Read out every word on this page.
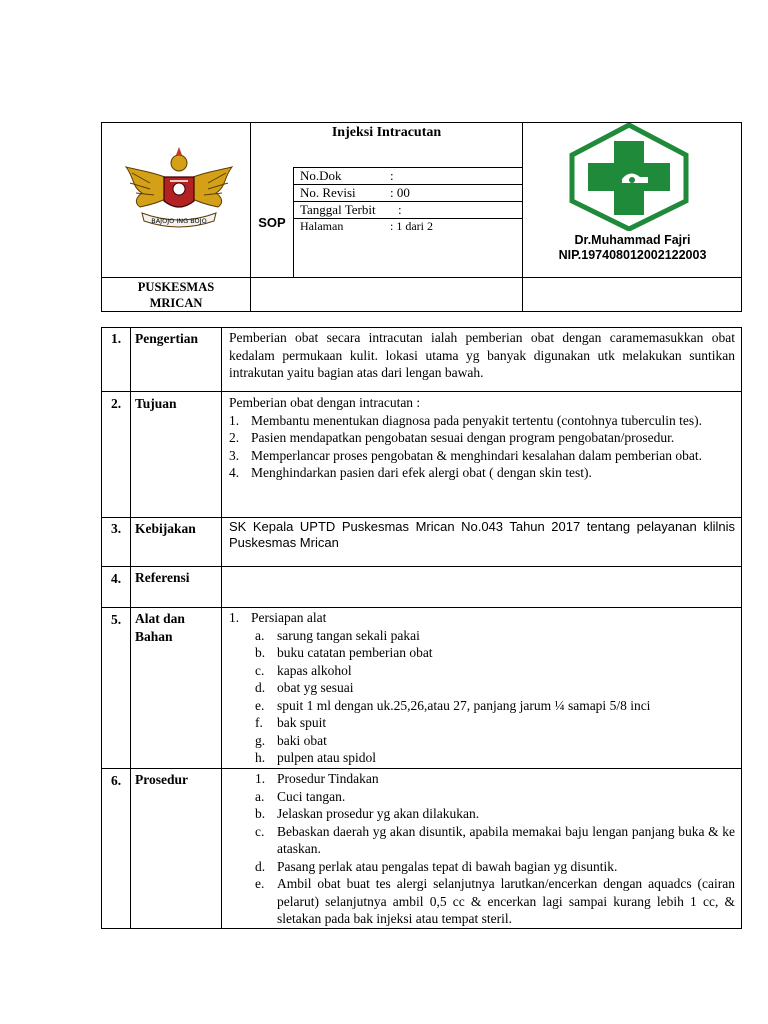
BAJOJO ING BOJO
Injeksi Intracutan
SOP
No.Dok	:
No. Revisi	: 00
Tanggal Terbit :
Halaman	: 1 dari 2
Dr.Muhammad Fajri
NIP.197408012002122003
PUSKESMAS
MRICAN
1.	Pengertian Pemberian obat secara intracutan ialah pemberian obat dengan caramemasukkan obat kedalam permukaan kulit. lokasi utama yg banyak digunakan utk melakukan suntikan intrakutan yaitu bagian atas dari lengan bawah.
2.	Tujuan	Pemberian obat dengan intracutan :
1. Membantu menentukan diagnosa pada penyakit tertentu (contohnya tuberculin tes).
2. Pasien mendapatkan pengobatan sesuai dengan program pengobatan/prosedur.
3. Memperlancar proses pengobatan & menghindari kesalahan dalam pemberian obat.
4. Menghindarkan pasien dari efek alergi obat ( dengan skin test).
3.	Kebijakan	SK Kepala UPTD Puskesmas Mrican No.043 Tahun 2017 tentang pelayanan klilnis Puskesmas Mrican
4.	Referensi
5.	Alat dan
Bahan
1. Persiapan alat
a. sarung tangan sekali pakai
b. buku catatan pemberian obat
c. kapas alkohol
d. obat yg sesuai
e. spuit 1 ml dengan uk.25,26,atau 27, panjang jarum ¼ samapi 5/8 inci
f. bak spuit
g. baki obat
h. pulpen atau spidol
6.	Prosedur	1. Prosedur Tindakan
a. Cuci tangan.
b. Jelaskan prosedur yg akan dilakukan.
c. Bebaskan daerah yg akan disuntik, apabila memakai baju lengan panjang buka & ke ataskan.
d. Pasang perlak atau pengalas tepat di bawah bagian yg disuntik.
e. Ambil obat buat tes alergi selanjutnya larutkan/encerkan dengan aquadcs (cairan pelarut) selanjutnya ambil 0,5 cc & encerkan lagi sampai kurang lebih 1 cc, & sletakan pada bak injeksi atau tempat steril.
